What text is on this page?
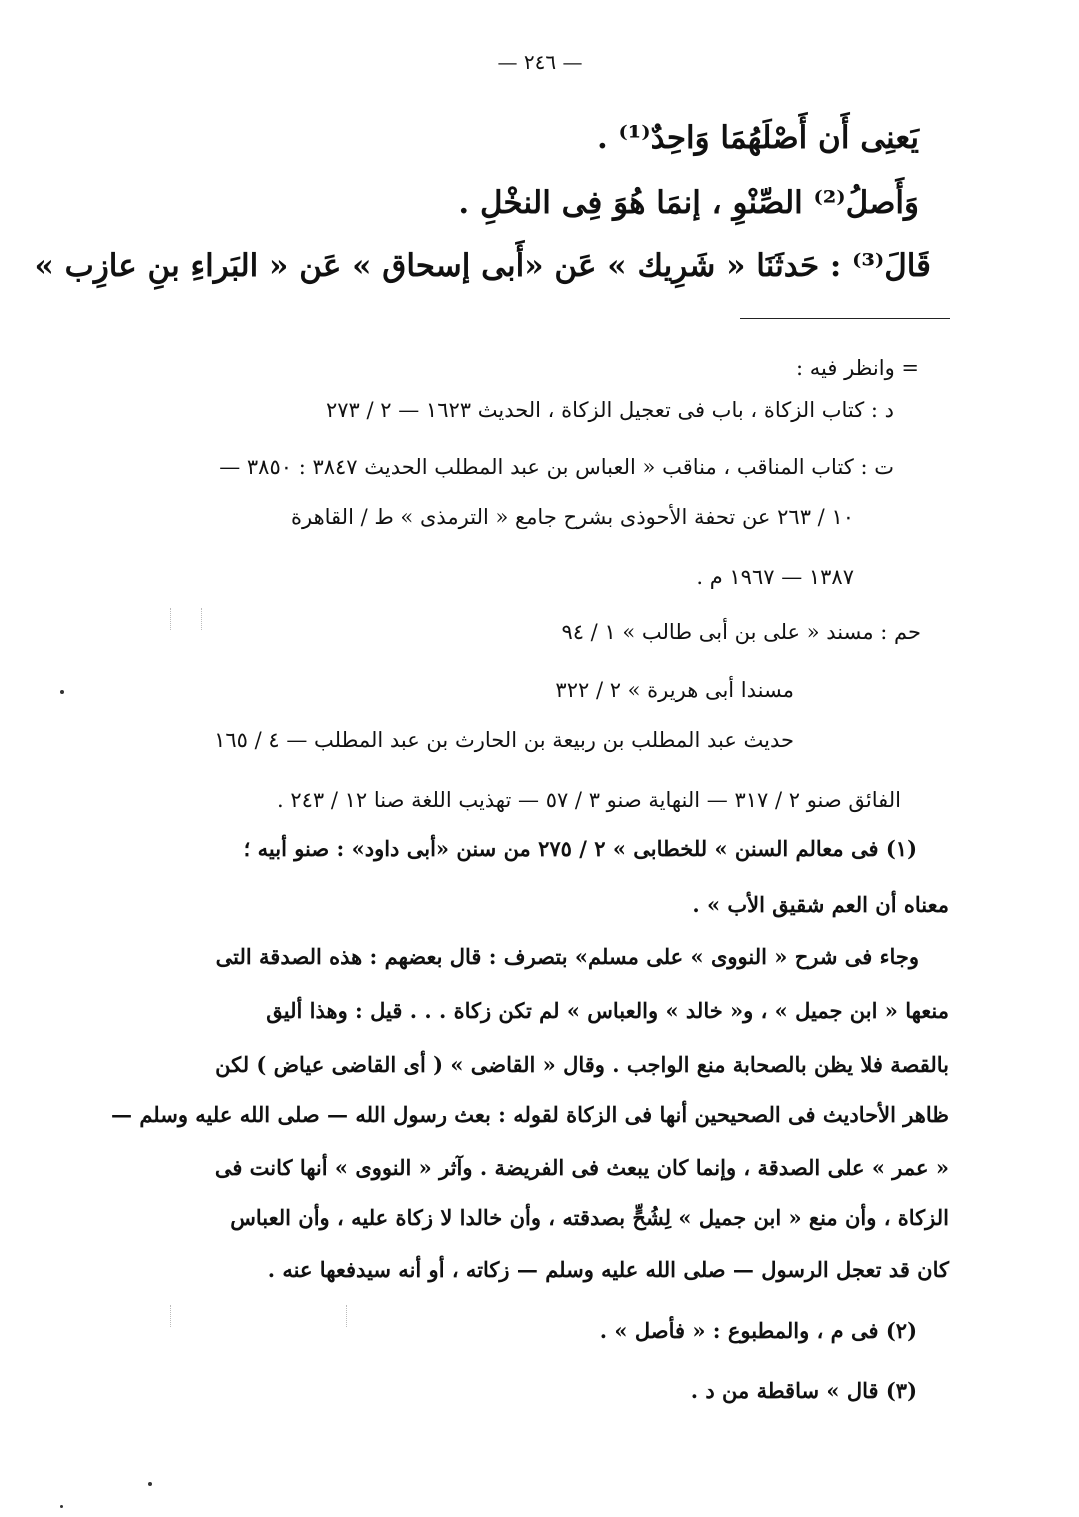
— ٢٤٦ —
يَعنِى أَن أَصْلَهُمَا وَاحِدٌ⁽¹⁾ .
وَأَصلُ⁽²⁾ الصِّنْوِ ، إنمَا هُوَ فِى النخْلِ .
قَالَ⁽³⁾ : حَدثَنَا « شَرِيك » عَن «أَبى إسحاق » عَن « البَراءِ بنِ عازِب »
= وانظر فيه :
د : كتاب الزكاة ، باب فى تعجيل الزكاة ، الحديث ١٦٢٣ — ٢ / ٢٧٣
ت : كتاب المناقب ، مناقب « العباس بن عبد المطلب الحديث ٣٨٤٧ : ٣٨٥٠ —
١٠ / ٢٦٣ عن تحفة الأحوذى بشرح جامع « الترمذى » ط / القاهرة
١٣٨٧ — ١٩٦٧ م .
حم : مسند « على بن أبى طالب » ١ / ٩٤
مسندا أبى هريرة » ٢ / ٣٢٢
حديث عبد المطلب بن ربيعة بن الحارث بن عبد المطلب — ٤ / ١٦٥
الفائق صنو ٢ / ٣١٧ — النهاية صنو ٣ / ٥٧ — تهذيب اللغة صنا ١٢ / ٢٤٣ .
(١) فى معالم السنن » للخطابى » ٢ / ٢٧٥ من سنن «أبى داود» : صنو أبيه ؛
معناه أن العم شقيق الأب » .
وجاء فى شرح « النووى » على مسلم» بتصرف : قال بعضهم : هذه الصدقة التى
منعها « ابن جميل » ، و« خالد » والعباس » لم تكن زكاة . . . قيل : وهذا أليق
بالقصة فلا يظن بالصحابة منع الواجب . وقال « القاضى » ( أى القاضى عياض ) لكن
ظاهر الأحاديث فى الصحيحين أنها فى الزكاة لقوله : بعث رسول الله — صلى الله عليه وسلم —
« عمر » على الصدقة ، وإنما كان يبعث فى الفريضة . وآثر « النووى » أنها كانت فى
الزكاة ، وأن منع « ابن جميل » لِشُحٍّ بصدقته ، وأن خالدا لا زكاة عليه ، وأن العباس
كان قد تعجل الرسول — صلى الله عليه وسلم — زكاته ، أو أنه سيدفعها عنه .
(٢) فى م ، والمطبوع : « فأصل » .
(٣) قال » ساقطة من د .
